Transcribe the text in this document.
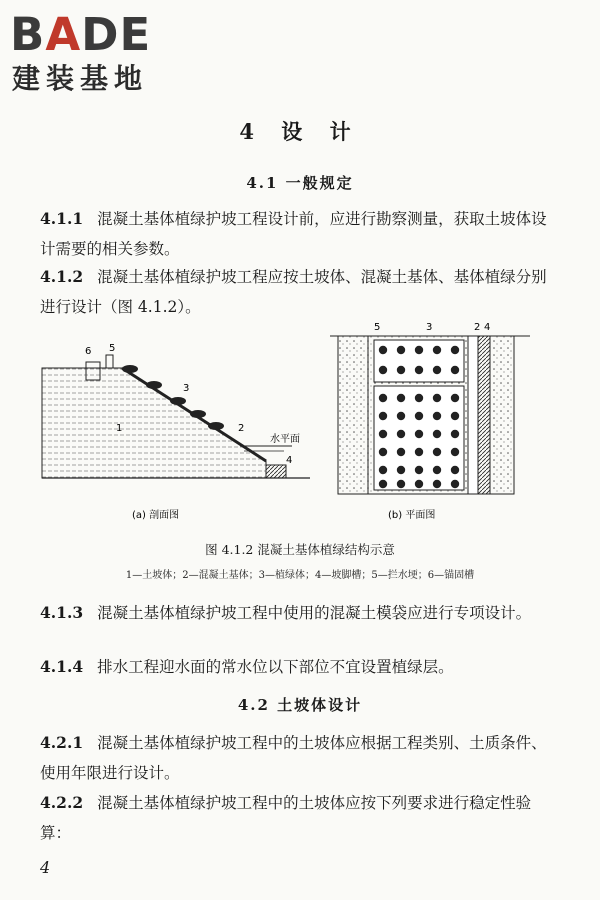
BADE
建装基地
4 设 计
4.1 一般规定
4.1.1 混凝土基体植绿护坡工程设计前，应进行勘察测量，获取土坡体设计需要的相关参数。
4.1.2 混凝土基体植绿护坡工程应按土坡体、混凝土基体、基体植绿分别进行设计（图 4.1.2）。
6 5
3
1	2
4
水平面
(a) 剖面图
5	3	2 4
(b) 平面图
图 4.1.2 混凝土基体植绿结构示意
1—土坡体；2—混凝土基体；3—植绿体；4—坡脚槽；5—拦水埂；6—锚固槽
4.1.3 混凝土基体植绿护坡工程中使用的混凝土模袋应进行专项设计。
4.1.4 排水工程迎水面的常水位以下部位不宜设置植绿层。
4.2 土坡体设计
4.2.1 混凝土基体植绿护坡工程中的土坡体应根据工程类别、土质条件、使用年限进行设计。
4.2.2 混凝土基体植绿护坡工程中的土坡体应按下列要求进行稳定性验算：
4
